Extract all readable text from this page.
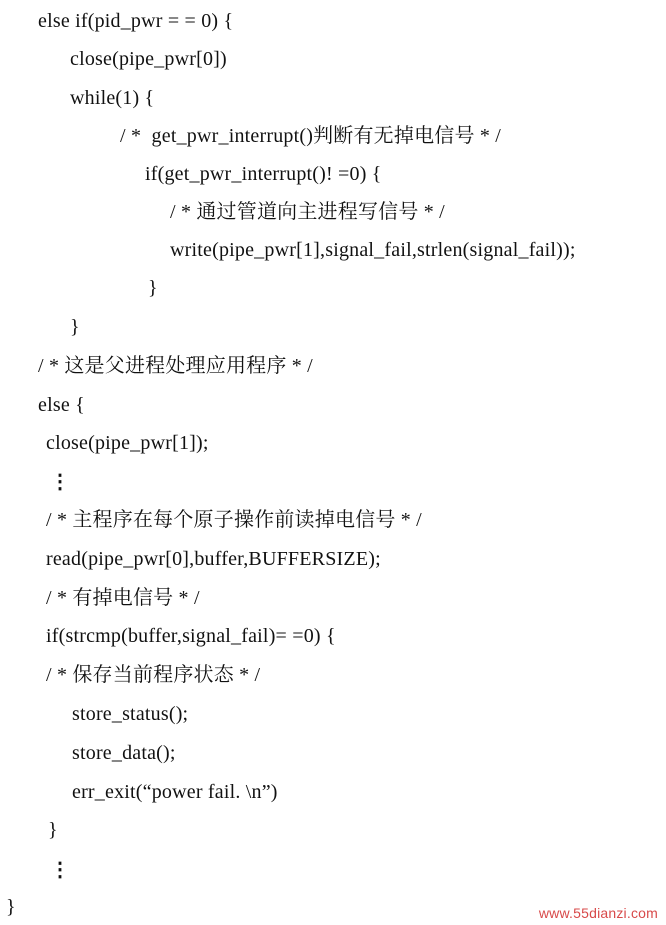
else if(pid_pwr = = 0) {
close(pipe_pwr[0])
while(1) {
/ *  get_pwr_interrupt()判断有无掉电信号 * /
if(get_pwr_interrupt()! =0) {
/ * 通过管道向主进程写信号 * /
write(pipe_pwr[1],signal_fail,strlen(signal_fail));
}
}
/ * 这是父进程处理应用程序 * /
else {
close(pipe_pwr[1]);
⋮
/ * 主程序在每个原子操作前读掉电信号 * /
read(pipe_pwr[0],buffer,BUFFERSIZE);
/ * 有掉电信号 * /
if(strcmp(buffer,signal_fail)= =0) {
/ * 保存当前程序状态 * /
store_status();
store_data();
err_exit(“power fail. \n”)
}
⋮
}	www.55dianzi.com
